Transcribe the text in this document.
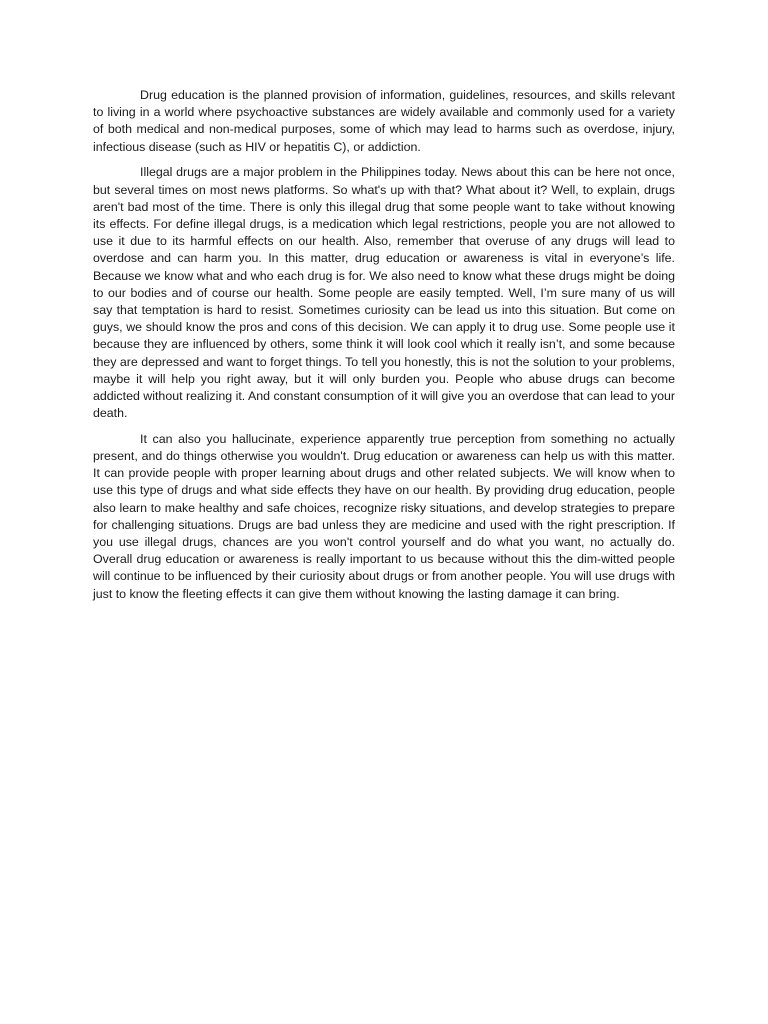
Drug education is the planned provision of information, guidelines, resources, and skills relevant to living in a world where psychoactive substances are widely available and commonly used for a variety of both medical and non-medical purposes, some of which may lead to harms such as overdose, injury, infectious disease (such as HIV or hepatitis C), or addiction.

Illegal drugs are a major problem in the Philippines today. News about this can be here not once, but several times on most news platforms. So what's up with that? What about it? Well, to explain, drugs aren't bad most of the time. There is only this illegal drug that some people want to take without knowing its effects. For define illegal drugs, is a medication which legal restrictions, people you are not allowed to use it due to its harmful effects on our health. Also, remember that overuse of any drugs will lead to overdose and can harm you. In this matter, drug education or awareness is vital in everyone’s life. Because we know what and who each drug is for. We also need to know what these drugs might be doing to our bodies and of course our health. Some people are easily tempted. Well, I’m sure many of us will say that temptation is hard to resist. Sometimes curiosity can be lead us into this situation. But come on guys, we should know the pros and cons of this decision. We can apply it to drug use. Some people use it because they are influenced by others, some think it will look cool which it really isn’t, and some because they are depressed and want to forget things. To tell you honestly, this is not the solution to your problems, maybe it will help you right away, but it will only burden you. People who abuse drugs can become addicted without realizing it. And constant consumption of it will give you an overdose that can lead to your death.

It can also you hallucinate, experience apparently true perception from something no actually present, and do things otherwise you wouldn't. Drug education or awareness can help us with this matter. It can provide people with proper learning about drugs and other related subjects. We will know when to use this type of drugs and what side effects they have on our health. By providing drug education, people also learn to make healthy and safe choices, recognize risky situations, and develop strategies to prepare for challenging situations. Drugs are bad unless they are medicine and used with the right prescription. If you use illegal drugs, chances are you won't control yourself and do what you want, no actually do. Overall drug education or awareness is really important to us because without this the dim-witted people will continue to be influenced by their curiosity about drugs or from another people. You will use drugs with just to know the fleeting effects it can give them without knowing the lasting damage it can bring.
